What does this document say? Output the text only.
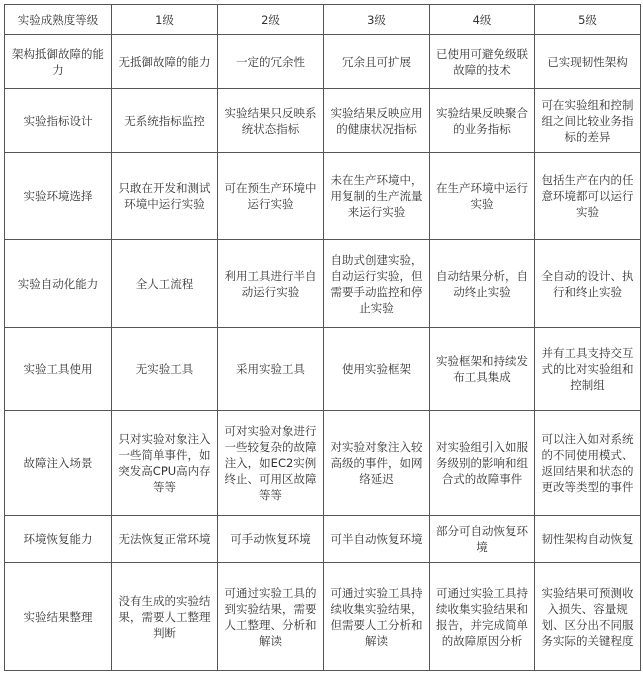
实验成熟度等级	1级	2级	3级	4级	5级
架构抵御故障的能力	无抵御故障的能力	一定的冗余性	冗余且可扩展	已使用可避免级联故障的技术	已实现韧性架构
实验指标设计	无系统指标监控	实验结果只反映系统状态指标	实验结果反映应用的健康状况指标	实验结果反映聚合的业务指标	可在实验组和控制组之间比较业务指标的差异
实验环境选择	只敢在开发和测试环境中运行实验	可在预生产环境中运行实验	未在生产环境中，用复制的生产流量来运行实验	在生产环境中运行实验	包括生产在内的任意环境都可以运行实验
实验自动化能力	全人工流程	利用工具进行半自动运行实验	自助式创建实验，自动运行实验，但需要手动监控和停止实验	自动结果分析，自动终止实验	全自动的设计、执行和终止实验
实验工具使用	无实验工具	采用实验工具	使用实验框架	实验框架和持续发布工具集成	并有工具支持交互式的比对实验组和控制组
故障注入场景	只对实验对象注入一些简单事件，如突发高CPU高内存等等	可对实验对象进行一些较复杂的故障注入，如EC2实例终止、可用区故障等等	对实验对象注入较高级的事件，如网络延迟	对实验组引入如服务级别的影响和组合式的故障事件	可以注入如对系统的不同使用模式、返回结果和状态的更改等类型的事件
环境恢复能力	无法恢复正常环境	可手动恢复环境	可半自动恢复环境	部分可自动恢复环境	韧性架构自动恢复
实验结果整理	没有生成的实验结果，需要人工整理判断	可通过实验工具的到实验结果，需要人工整理、分析和解读	可通过实验工具持续收集实验结果，但需要人工分析和解读	可通过实验工具持续收集实验结果和报告，并完成简单的故障原因分析	实验结果可预测收入损失、容量规划、区分出不同服务实际的关键程度
